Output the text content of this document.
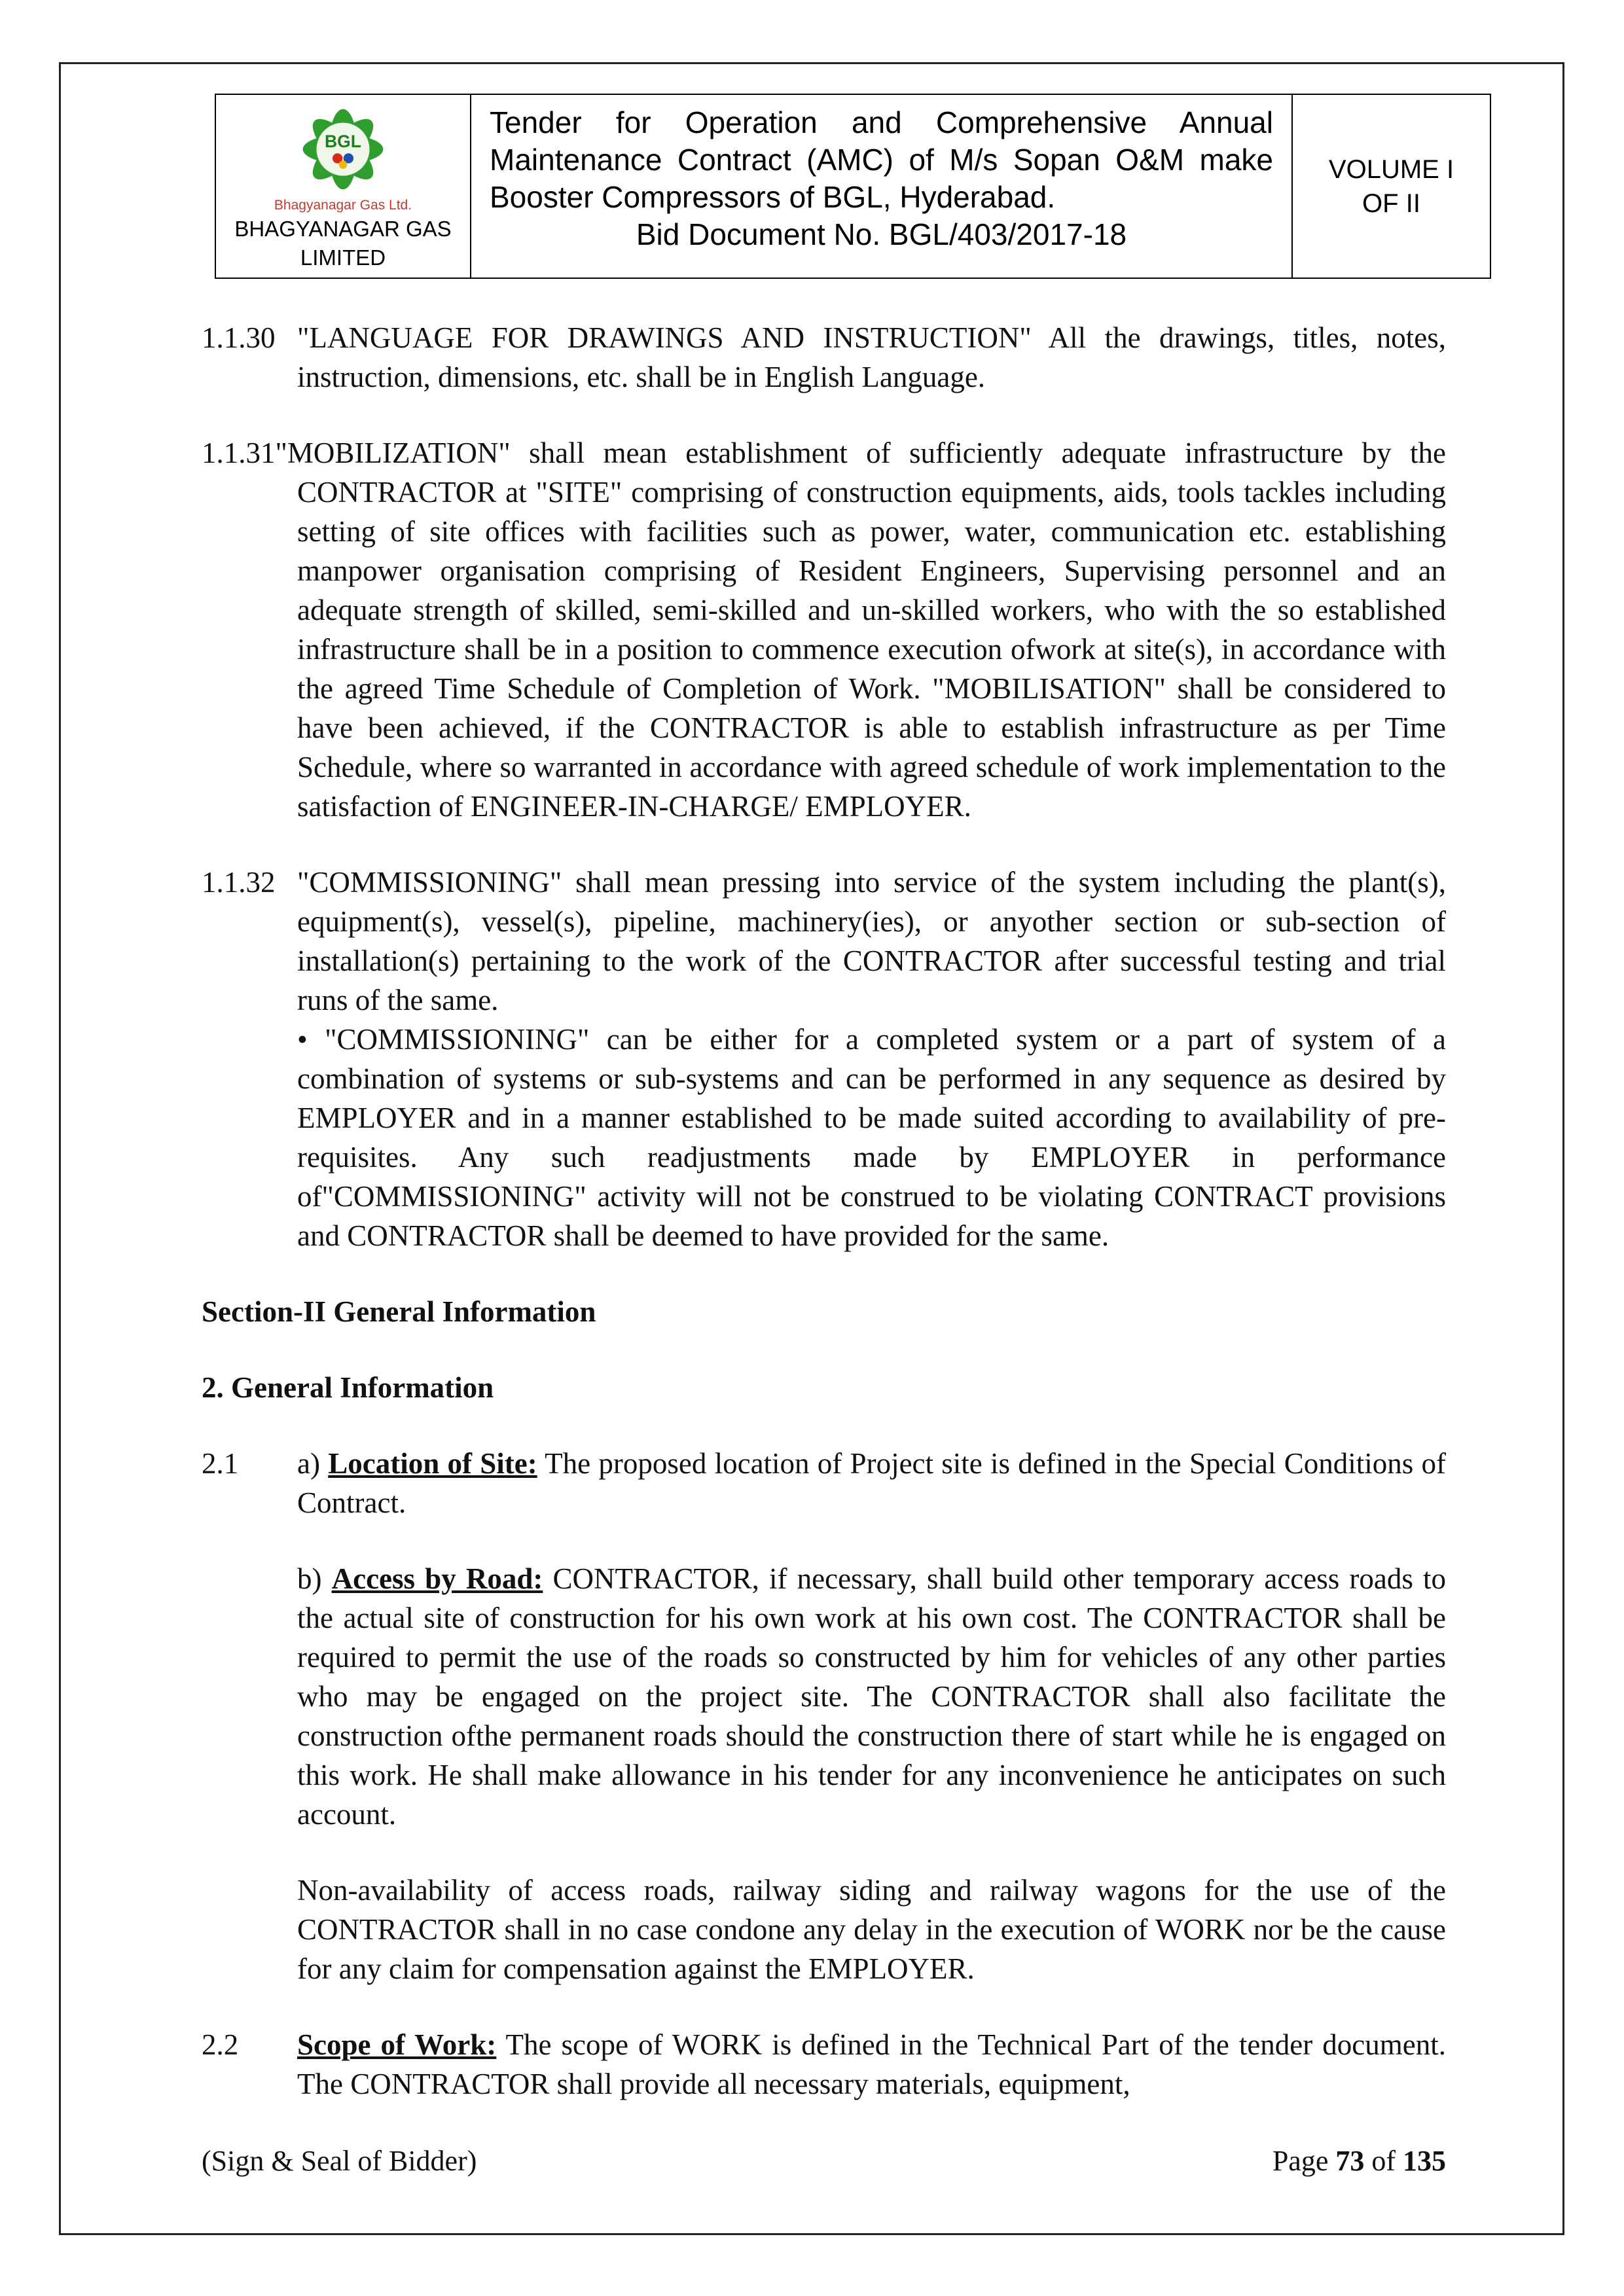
BGL
Bhagyanagar Gas Ltd.
BHAGYANAGAR GAS
LIMITED
Tender for Operation and Comprehensive Annual Maintenance Contract (AMC) of M/s Sopan O&M make Booster Compressors of BGL, Hyderabad.
Bid Document No. BGL/403/2017-18
VOLUME I
OF II
1.1.30 "LANGUAGE FOR DRAWINGS AND INSTRUCTION" All the drawings, titles, notes, instruction, dimensions, etc. shall be in English Language.
1.1.31"MOBILIZATION" shall mean establishment of sufficiently adequate infrastructure by the CONTRACTOR at "SITE" comprising of construction equipments, aids, tools tackles including setting of site offices with facilities such as power, water, communication etc. establishing manpower organisation comprising of Resident Engineers, Supervising personnel and an adequate strength of skilled, semi-skilled and un-skilled workers, who with the so established infrastructure shall be in a position to commence execution ofwork at site(s), in accordance with the agreed Time Schedule of Completion of Work. "MOBILISATION" shall be considered to have been achieved, if the CONTRACTOR is able to establish infrastructure as per Time Schedule, where so warranted in accordance with agreed schedule of work implementation to the satisfaction of ENGINEER-IN-CHARGE/ EMPLOYER.
1.1.32 "COMMISSIONING" shall mean pressing into service of the system including the plant(s), equipment(s), vessel(s), pipeline, machinery(ies), or anyother section or sub-section of installation(s) pertaining to the work of the CONTRACTOR after successful testing and trial runs of the same.
• "COMMISSIONING" can be either for a completed system or a part of system of a combination of systems or sub-systems and can be performed in any sequence as desired by EMPLOYER and in a manner established to be made suited according to availability of pre-requisites. Any such readjustments made by EMPLOYER in performance of"COMMISSIONING" activity will not be construed to be violating CONTRACT provisions and CONTRACTOR shall be deemed to have provided for the same.
Section-II General Information
2. General Information
2.1 a) Location of Site: The proposed location of Project site is defined in the Special Conditions of Contract.
b) Access by Road: CONTRACTOR, if necessary, shall build other temporary access roads to the actual site of construction for his own work at his own cost. The CONTRACTOR shall be required to permit the use of the roads so constructed by him for vehicles of any other parties who may be engaged on the project site. The CONTRACTOR shall also facilitate the construction ofthe permanent roads should the construction there of start while he is engaged on this work. He shall make allowance in his tender for any inconvenience he anticipates on such account.
Non-availability of access roads, railway siding and railway wagons for the use of the CONTRACTOR shall in no case condone any delay in the execution of WORK nor be the cause for any claim for compensation against the EMPLOYER.
2.2 Scope of Work: The scope of WORK is defined in the Technical Part of the tender document. The CONTRACTOR shall provide all necessary materials, equipment,
(Sign & Seal of Bidder)	Page 73 of 135
